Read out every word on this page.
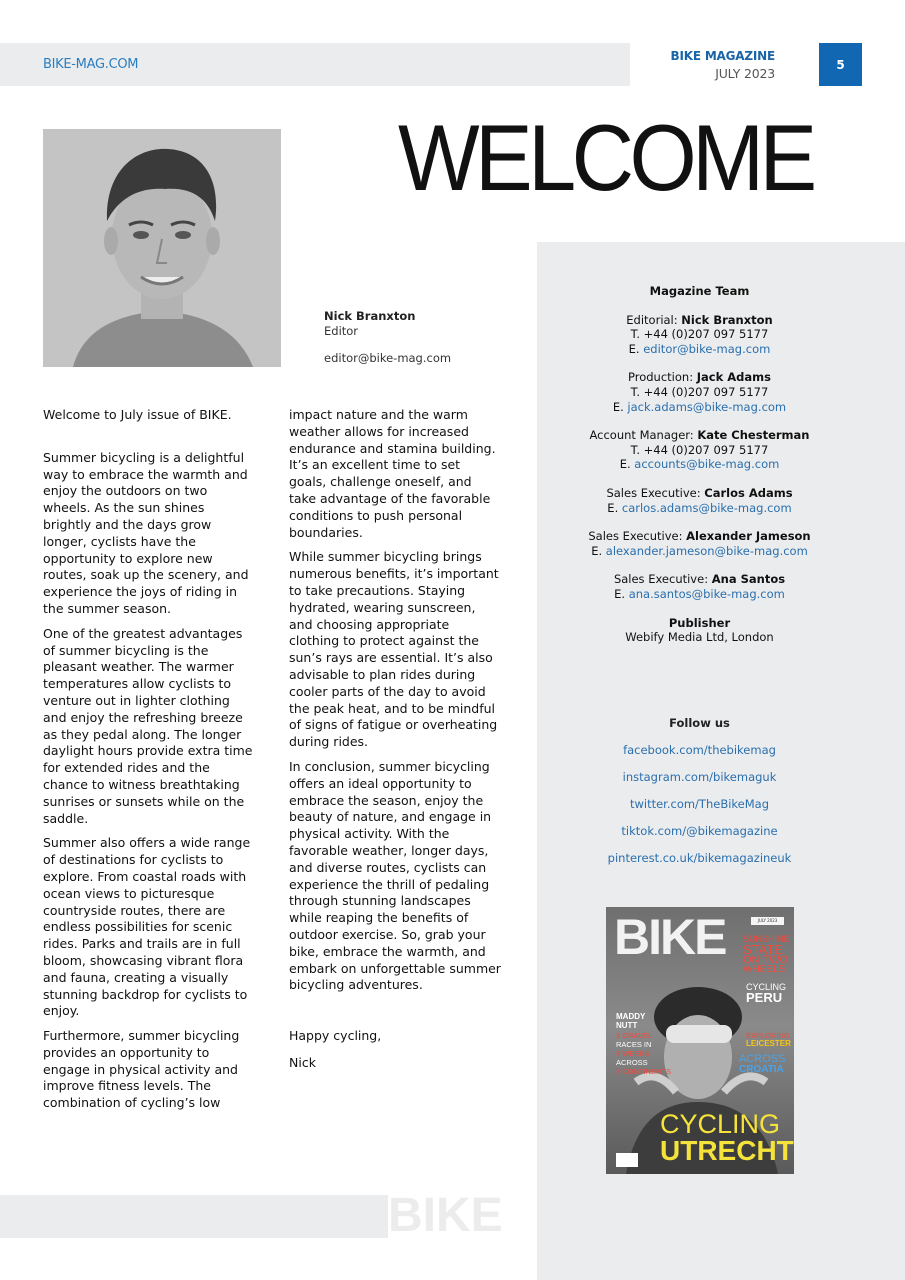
BIKE-MAG.COM
BIKE MAGAZINE
JULY 2023
5
WELCOME
Nick Branxton
Editor
editor@bike-mag.com

Welcome to July issue of BIKE.

Summer bicycling is a delightful way to embrace the warmth and enjoy the outdoors on two wheels. As the sun shines brightly and the days grow longer, cyclists have the opportunity to explore new routes, soak up the scenery, and experience the joys of riding in the summer season.

One of the greatest advantages of summer bicycling is the pleasant weather. The warmer temperatures allow cyclists to venture out in lighter clothing and enjoy the refreshing breeze as they pedal along. The longer daylight hours provide extra time for extended rides and the chance to witness breathtaking sunrises or sunsets while on the saddle.

Summer also offers a wide range of destinations for cyclists to explore. From coastal roads with ocean views to picturesque countryside routes, there are endless possibilities for scenic rides. Parks and trails are in full bloom, showcasing vibrant flora and fauna, creating a visually stunning backdrop for cyclists to enjoy.

Furthermore, summer bicycling provides an opportunity to engage in physical activity and improve fitness levels. The combination of cycling’s low

impact nature and the warm weather allows for increased endurance and stamina building. It’s an excellent time to set goals, challenge oneself, and take advantage of the favorable conditions to push personal boundaries.

While summer bicycling brings numerous benefits, it’s important to take precautions. Staying hydrated, wearing sunscreen, and choosing appropriate clothing to protect against the sun’s rays are essential. It’s also advisable to plan rides during cooler parts of the day to avoid the peak heat, and to be mindful of signs of fatigue or overheating during rides.

In conclusion, summer bicycling offers an ideal opportunity to embrace the season, enjoy the beauty of nature, and engage in physical activity. With the favorable weather, longer days, and diverse routes, cyclists can experience the thrill of pedaling through stunning landscapes while reaping the benefits of outdoor exercise. So, grab your bike, embrace the warmth, and embark on unforgettable summer bicycling adventures.

Happy cycling,

Nick

Magazine Team
Editorial: Nick Branxton
T. +44 (0)207 097 5177
E. editor@bike-mag.com
Production: Jack Adams
T. +44 (0)207 097 5177
E. jack.adams@bike-mag.com
Account Manager: Kate Chesterman
T. +44 (0)207 097 5177
E. accounts@bike-mag.com
Sales Executive: Carlos Adams
E. carlos.adams@bike-mag.com
Sales Executive: Alexander Jameson
E. alexander.jameson@bike-mag.com
Sales Executive: Ana Santos
E. ana.santos@bike-mag.com
Publisher
Webify Media Ltd, London
Follow us
facebook.com/thebikemag
instagram.com/bikemaguk
twitter.com/TheBikeMag
tiktok.com/@bikemagazine
pinterest.co.uk/bikemagazineuk
BIKE	JULY 2023
SUNSHINE
STATE
ON TWO
WHEELS
CYCLING
PERU
MADDY
NUTT
3 GRAVEL
RACES IN
3 WEEKS
ACROSS
3 CONTINENTS
EXPLORING
LEICESTER
ACROSS
CROATIA
CYCLING
UTRECHT
BIKE
